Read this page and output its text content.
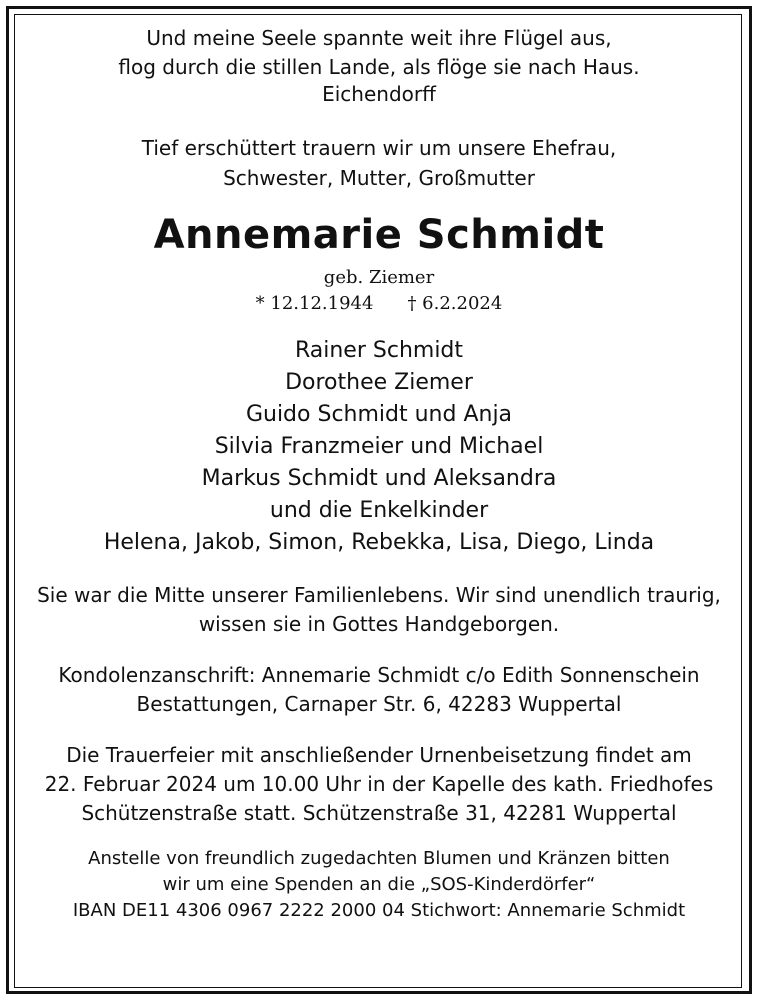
Und meine Seele spannte weit ihre Flügel aus,
flog durch die stillen Lande, als flöge sie nach Haus.
Eichendorff
Tief erschüttert trauern wir um unsere Ehefrau,
Schwester, Mutter, Großmutter
Annemarie Schmidt
geb. Ziemer
* 12.12.1944 † 6.2.2024
Rainer Schmidt
Dorothee Ziemer
Guido Schmidt und Anja
Silvia Franzmeier und Michael
Markus Schmidt und Aleksandra
und die Enkelkinder
Helena, Jakob, Simon, Rebekka, Lisa, Diego, Linda
Sie war die Mitte unserer Familienlebens. Wir sind unendlich traurig,
wissen sie in Gottes Handgeborgen.
Kondolenzanschrift: Annemarie Schmidt c/o Edith Sonnenschein
Bestattungen, Carnaper Str. 6, 42283 Wuppertal
Die Trauerfeier mit anschließender Urnenbeisetzung findet am
22. Februar 2024 um 10.00 Uhr in der Kapelle des kath. Friedhofes
Schützenstraße statt. Schützenstraße 31, 42281 Wuppertal
Anstelle von freundlich zugedachten Blumen und Kränzen bitten
wir um eine Spenden an die „SOS-Kinderdörfer“
IBAN DE11 4306 0967 2222 2000 04 Stichwort: Annemarie Schmidt
